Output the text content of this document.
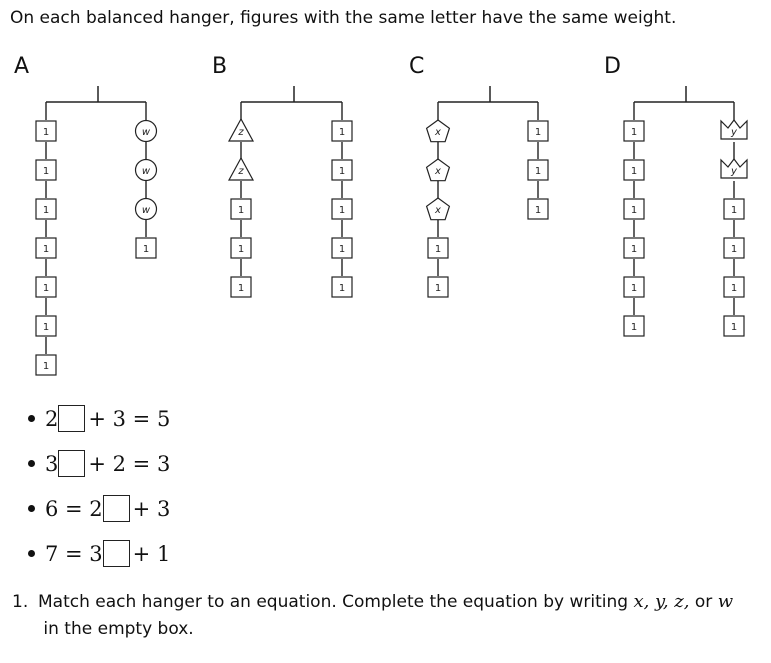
On each balanced hanger, figures with the same letter have the same weight.

A	B	C	D
1
1
1
1
1
1
1
w
w
w
1
z
z
1
1
1
1
1
1
1
1
x
x
x
1
1
1
1
1
1
1
1
1
1
1
y
y
1
1
1
1
2 + 3 = 5
3 + 2 = 3
6 = 2 + 3
7 = 3 + 1

1. Match each hanger to an equation. Complete the equation by writing x, y, z, or w
in the empty box.
